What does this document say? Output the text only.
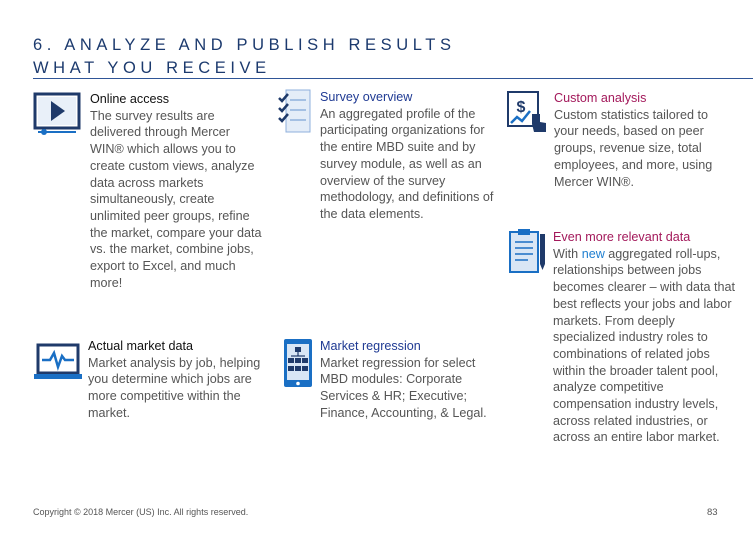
6. ANALYZE AND PUBLISH RESULTS
WHAT YOU RECEIVE
Online access
The survey results are delivered through Mercer WIN® which allows you to create custom views, analyze data across markets simultaneously, create unlimited peer groups, refine the market, compare your data vs. the market, combine jobs, export to Excel, and much more!
Actual market data
Market analysis by job, helping you determine which jobs are more competitive within the market.
Survey overview
An aggregated profile of the participating organizations for the entire MBD suite and by survey module, as well as an overview of the survey methodology, and definitions of the data elements.
Market regression
Market regression for select MBD modules: Corporate Services & HR; Executive; Finance, Accounting, & Legal.
$
Custom analysis
Custom statistics tailored to your needs, based on peer groups, revenue size, total employees, and more, using Mercer WIN®.
Even more relevant data
With new aggregated roll-ups, relationships between jobs becomes clearer – with data that best reflects your jobs and labor markets. From deeply specialized industry roles to combinations of related jobs within the broader talent pool, analyze competitive compensation industry levels, across related industries, or across an entire labor market.
Copyright © 2018 Mercer (US) Inc. All rights reserved.	83
